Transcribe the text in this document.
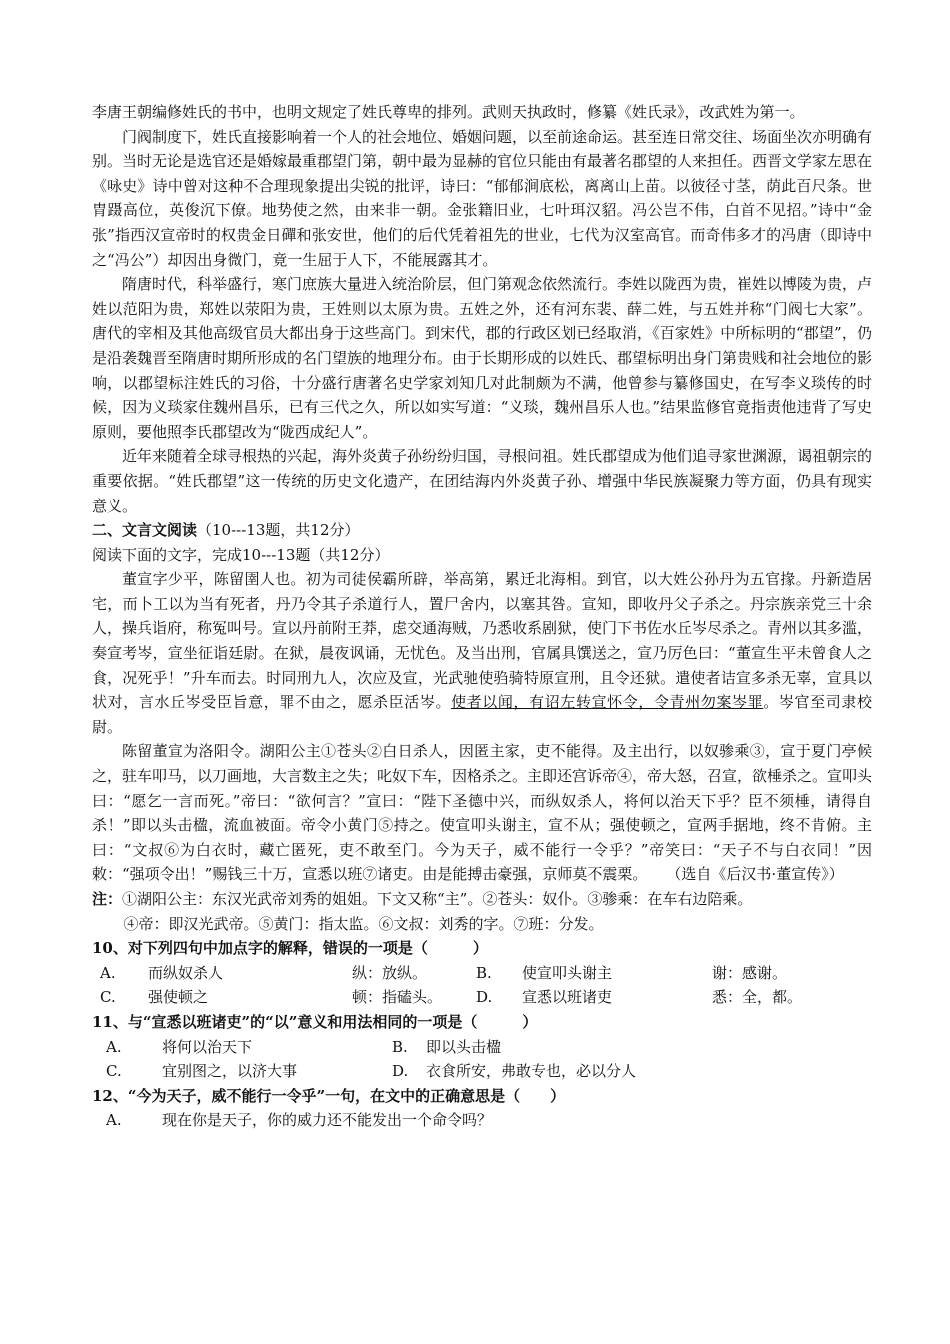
李唐王朝编修姓氏的书中，也明文规定了姓氏尊卑的排列。武则天执政时，修纂《姓氏录》，改武姓为第一。

门阀制度下，姓氏直接影响着一个人的社会地位、婚姻问题，以至前途命运。甚至连日常交往、场面坐次亦明确有别。当时无论是选官还是婚嫁最重郡望门第，朝中最为显赫的官位只能由有最著名郡望的人来担任。西晋文学家左思在《咏史》诗中曾对这种不合理现象提出尖锐的批评，诗曰：“郁郁涧底松，离离山上苗。以彼径寸茎，荫此百尺条。世胄蹑高位，英俊沉下僚。地势使之然，由来非一朝。金张籍旧业，七叶珥汉貂。冯公岂不伟，白首不见招。”诗中“金张”指西汉宣帝时的权贵金日磾和张安世，他们的后代凭着祖先的世业，七代为汉室高官。而奇伟多才的冯唐（即诗中之“冯公”）却因出身微门，竟一生屈于人下，不能展露其才。

隋唐时代，科举盛行，寒门庶族大量进入统治阶层，但门第观念依然流行。李姓以陇西为贵，崔姓以博陵为贵，卢姓以范阳为贵，郑姓以荥阳为贵，王姓则以太原为贵。五姓之外，还有河东裴、薛二姓，与五姓并称“门阀七大家”。唐代的宰相及其他高级官员大都出身于这些高门。到宋代，郡的行政区划已经取消，《百家姓》中所标明的“郡望”，仍是沿袭魏晋至隋唐时期所形成的名门望族的地理分布。由于长期形成的以姓氏、郡望标明出身门第贵贱和社会地位的影响，以郡望标注姓氏的习俗，十分盛行唐著名史学家刘知几对此制颇为不满，他曾参与纂修国史，在写李义琰传的时候，因为义琰家住魏州昌乐，已有三代之久，所以如实写道：“义琰，魏州昌乐人也。”结果监修官竟指责他违背了写史原则，要他照李氏郡望改为“陇西成纪人”。

近年来随着全球寻根热的兴起，海外炎黄子孙纷纷归国，寻根问祖。姓氏郡望成为他们追寻家世渊源，谒祖朝宗的重要依据。“姓氏郡望”这一传统的历史文化遗产，在团结海内外炎黄子孙、增强中华民族凝聚力等方面，仍具有现实意义。

二、文言文阅读（10---13题，共12分）

阅读下面的文字，完成10---13题（共12分）

董宣字少平，陈留圉人也。初为司徒侯霸所辟，举高第，累迁北海相。到官，以大姓公孙丹为五官掾。丹新造居宅，而卜工以为当有死者，丹乃令其子杀道行人，置尸舍内，以塞其咎。宣知，即收丹父子杀之。丹宗族亲党三十余人，操兵诣府，称冤叫号。宣以丹前附王莽，虑交通海贼，乃悉收系剧狱，使门下书佐水丘岑尽杀之。青州以其多滥，奏宣考岑，宣坐征诣廷尉。在狱，晨夜讽诵，无忧色。及当出刑，官属具馔送之，宣乃厉色曰：“董宣生平未曾食人之食，况死乎！”升车而去。时同刑九人，次应及宣，光武驰使驺骑特原宣刑，且令还狱。遣使者诘宣多杀无辜，宣具以状对，言水丘岑受臣旨意，罪不由之，愿杀臣活岑。使者以闻，有诏左转宣怀令，令青州勿案岑罪。岑官至司隶校尉。

陈留董宣为洛阳令。湖阳公主①苍头②白日杀人，因匿主家，吏不能得。及主出行，以奴骖乘③，宣于夏门亭候之，驻车叩马，以刀画地，大言数主之失；叱奴下车，因格杀之。主即还宫诉帝④，帝大怒，召宣，欲棰杀之。宣叩头曰：“愿乞一言而死。”帝曰：“欲何言？”宣曰：“陛下圣德中兴，而纵奴杀人，将何以治天下乎？臣不须棰，请得自杀！”即以头击楹，流血被面。帝令小黄门⑤持之。使宣叩头谢主，宣不从；强使顿之，宣两手据地，终不肯俯。主曰：“文叔⑥为白衣时，藏亡匿死，吏不敢至门。今为天子，威不能行一令乎？”帝笑曰：“天子不与白衣同！”因敕：“强项令出！”赐钱三十万，宣悉以班⑦诸吏。由是能搏击豪强，京师莫不震栗。 （选自《后汉书·董宣传》）

注：①湖阳公主：东汉光武帝刘秀的姐姐。下文又称“主”。②苍头：奴仆。③骖乘：在车右边陪乘。

④帝：即汉光武帝。⑤黄门：指太监。⑥文叔：刘秀的字。⑦班：分发。

10、对下列四句中加点字的解释，错误的一项是（　　　）

A.	而纵奴杀人	纵：放纵。	B.	使宣叩头谢主	谢：感谢。
C.	强使顿之	顿：指磕头。	D.	宣悉以班诸吏	悉：全，都。

11、与“宣悉以班诸吏”的“以”意义和用法相同的一项是（　　　）

A.	将何以治天下	B.	即以头击楹
C.	宜别图之，以济大事	D.	衣食所安，弗敢专也，必以分人

12、“今为天子，威不能行一令乎”一句，在文中的正确意思是（　　）

A.	现在你是天子，你的威力还不能发出一个命令吗？
